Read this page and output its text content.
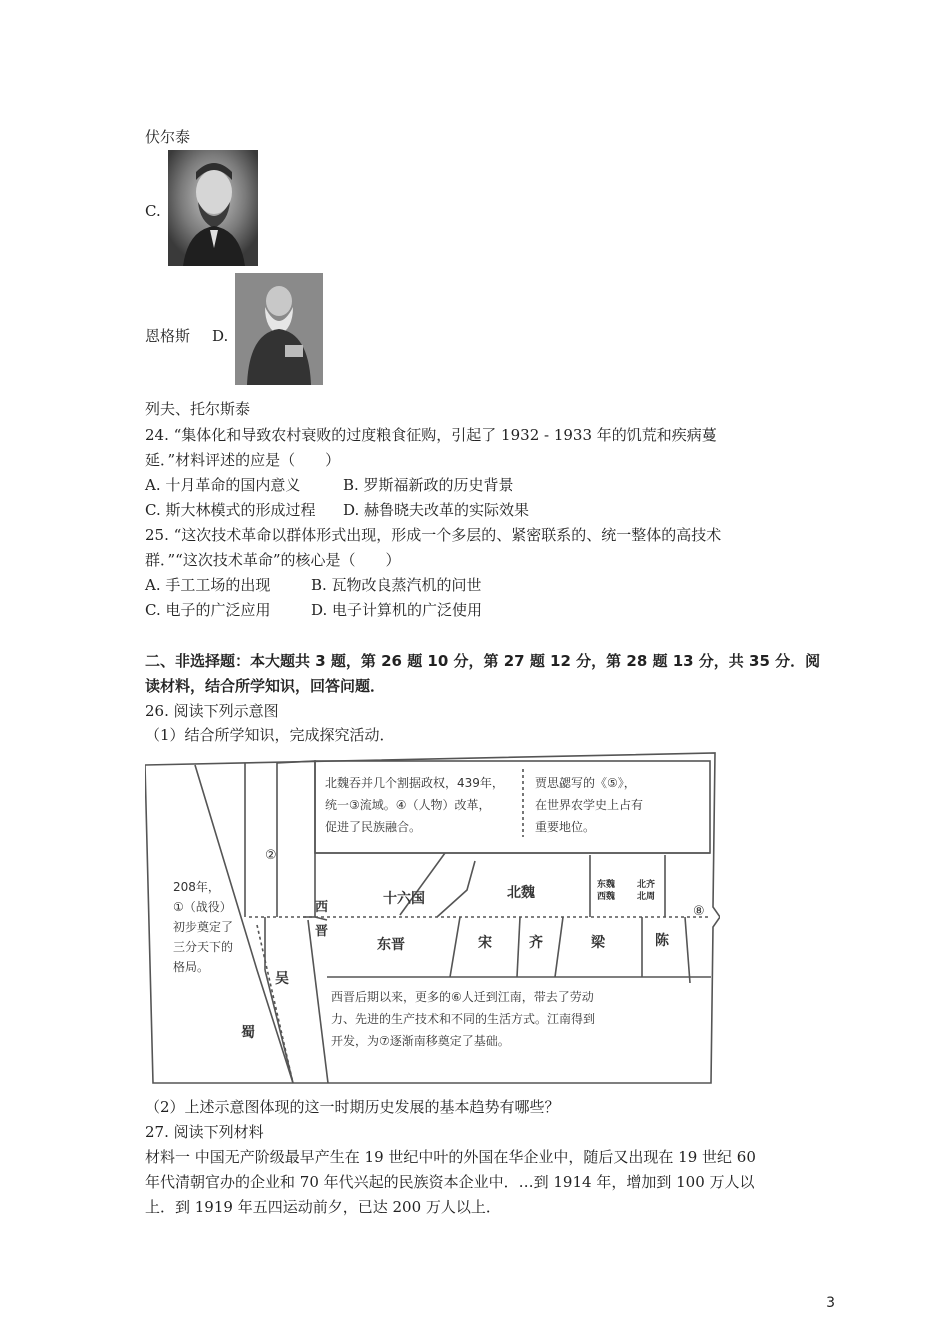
伏尔泰
C.
恩格斯 D.
列夫、托尔斯泰
24. “集体化和导致农村衰败的过度粮食征购，引起了 1932 - 1933 年的饥荒和疾病蔓
延．”材料评述的应是（　　）
A. 十月革命的国内意义	B. 罗斯福新政的历史背景
C. 斯大林模式的形成过程 D. 赫鲁晓夫改革的实际效果
25. “这次技术革命以群体形式出现，形成一个多层的、紧密联系的、统一整体的高技术
群．”“这次技术革命”的核心是（　　）
A. 手工工场的出现	B. 瓦物改良蒸汽机的问世
C. 电子的广泛应用	D. 电子计算机的广泛使用
二、非选择题：本大题共 3 题，第 26 题 10 分，第 27 题 12 分，第 28 题 13 分，共 35 分．阅
读材料，结合所学知识，回答问题．
26. 阅读下列示意图
（1）结合所学知识，完成探究活动．
北魏吞并几个割据政权，439年，
统一③流域。④（人物）改革，
促进了民族融合。
贾思勰写的《⑤》，
在世界农学史上占有
重要地位。
②
208年，
①（战役）
初步奠定了
三分天下的
格局。
西
晋
十六国	北魏	东魏
西魏
北齐
北周
⑧
东晋	宋	齐	梁	陈
吴
蜀
西晋后期以来，更多的⑥人迁到江南，带去了劳动
力、先进的生产技术和不同的生活方式。江南得到
开发，为⑦逐渐南移奠定了基础。
（2）上述示意图体现的这一时期历史发展的基本趋势有哪些？
27. 阅读下列材料
材料一 中国无产阶级最早产生在 19 世纪中叶的外国在华企业中，随后又出现在 19 世纪 60
年代清朝官办的企业和 70 年代兴起的民族资本企业中．…到 1914 年，增加到 100 万人以
上．到 1919 年五四运动前夕，已达 200 万人以上．
3
